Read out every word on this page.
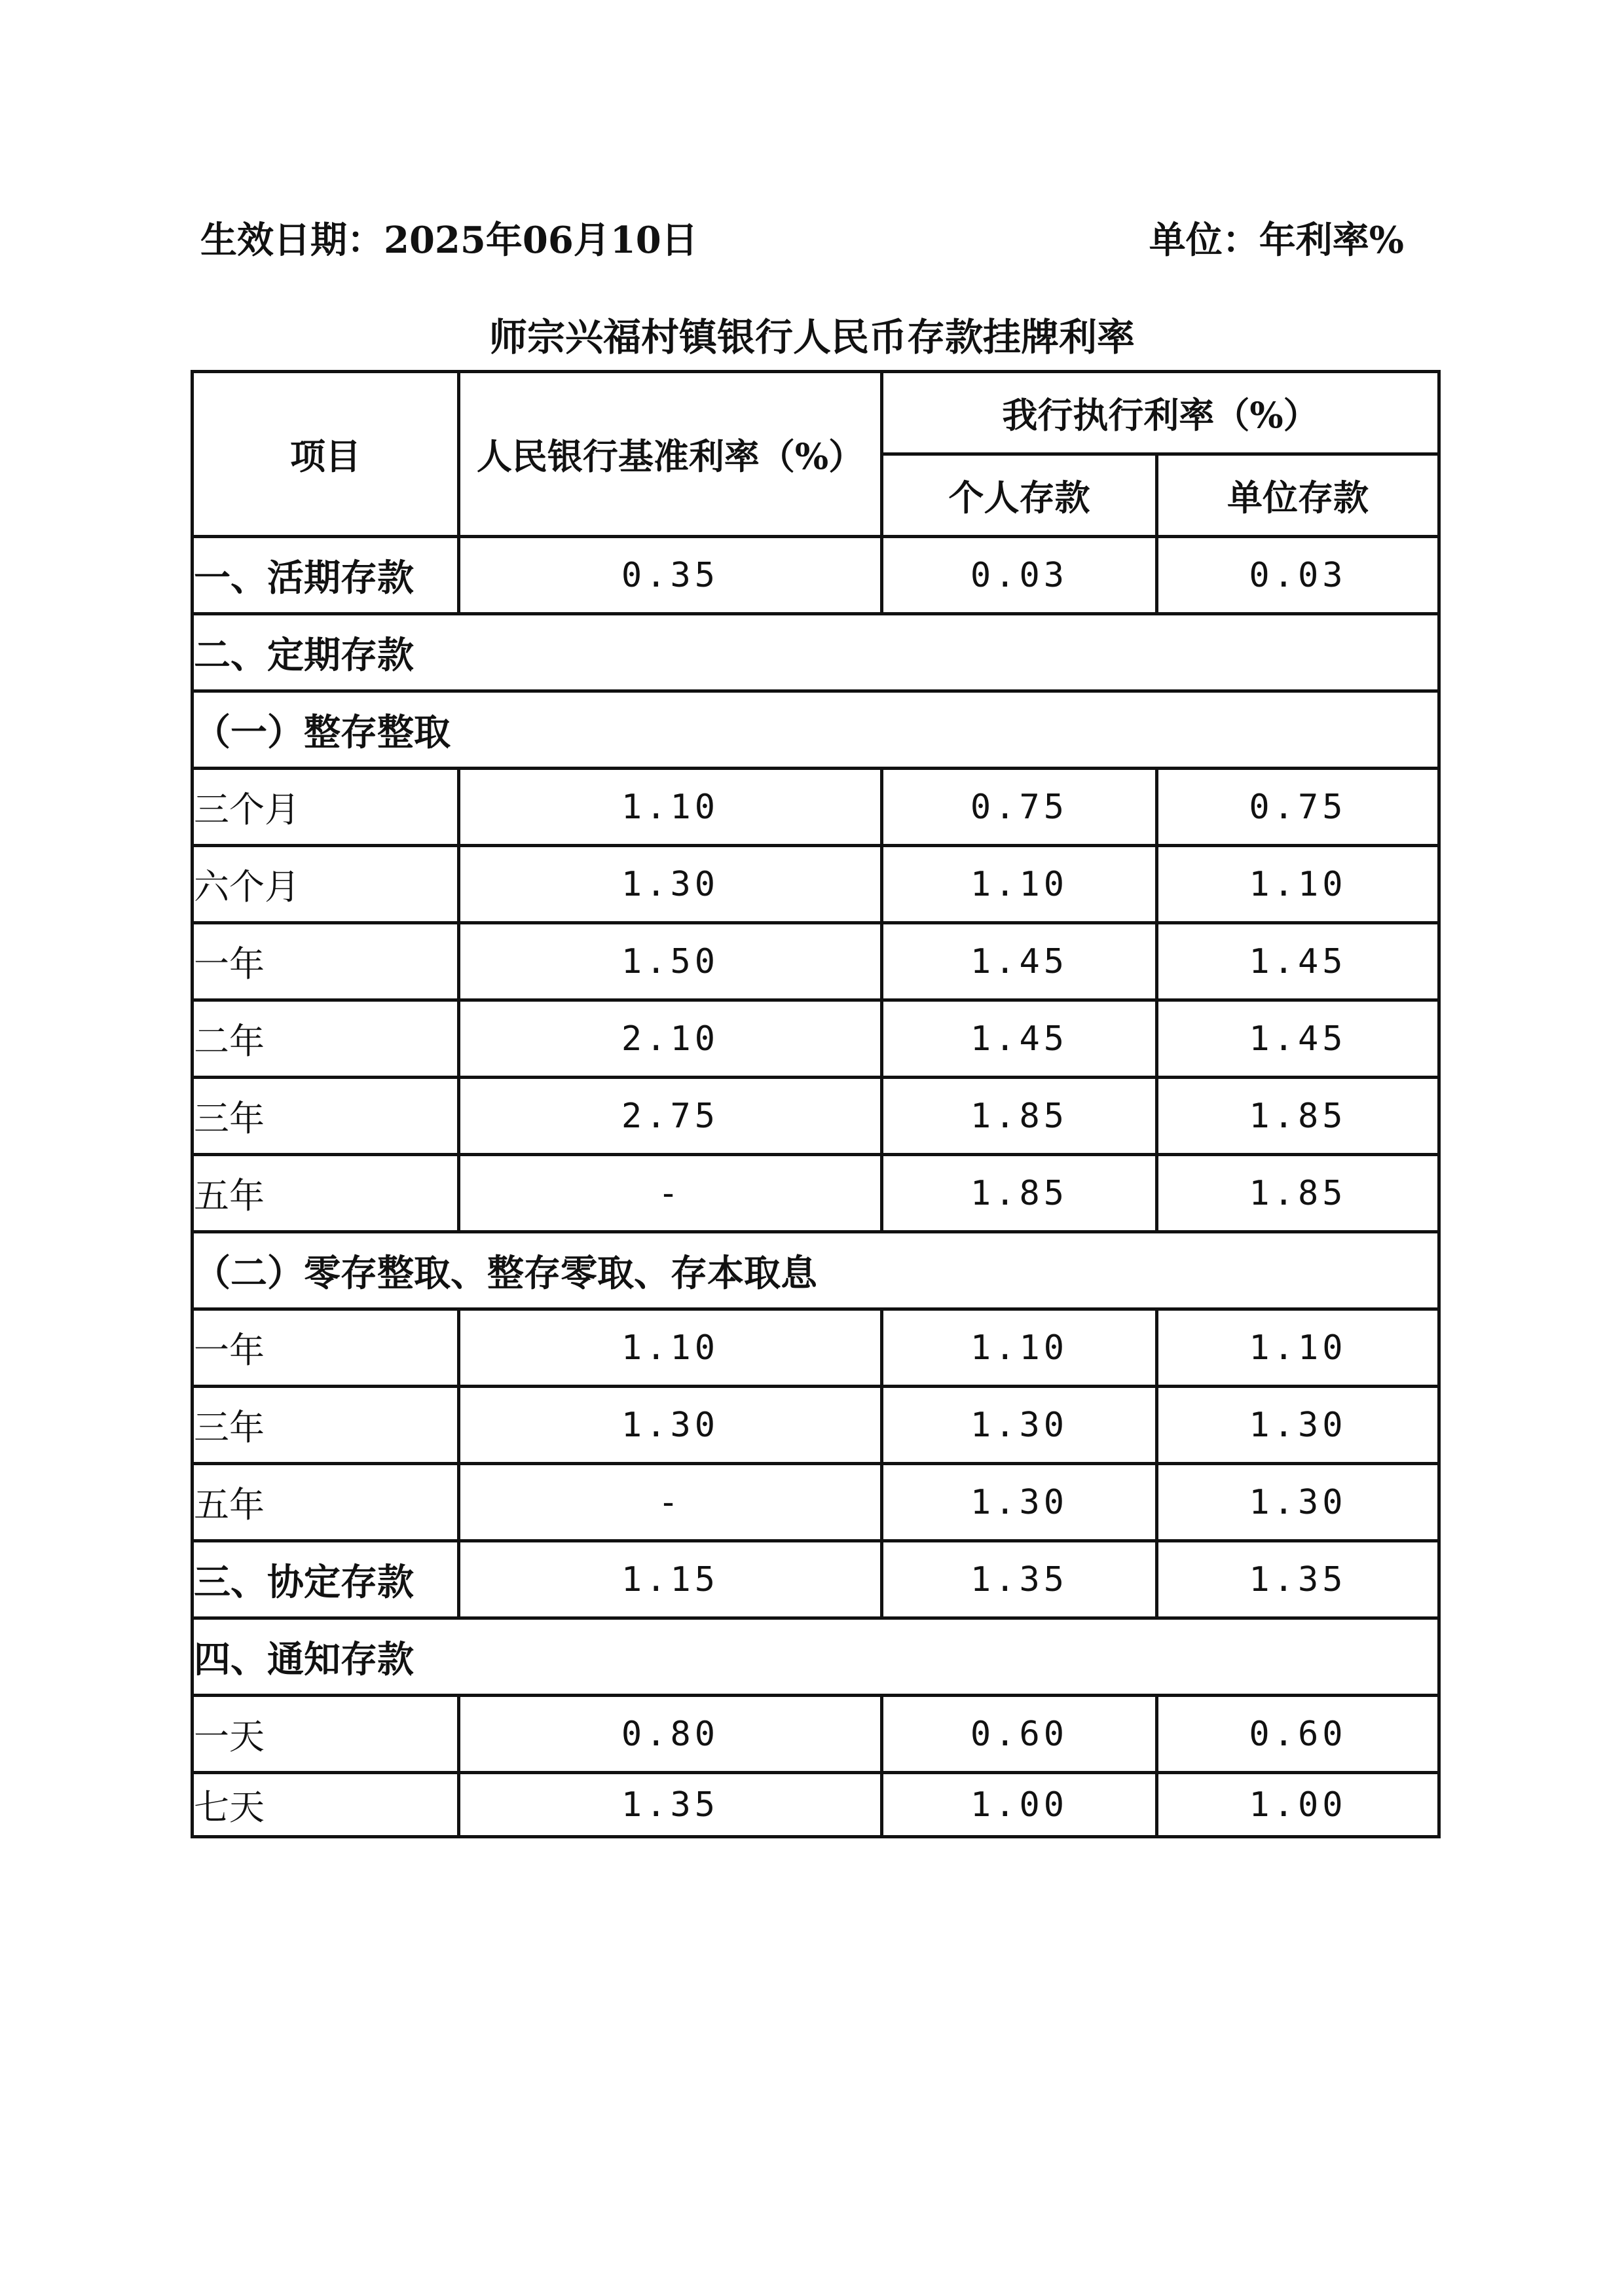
生效日期：2025年06月10日	单位：年利率%
师宗兴福村镇银行人民币存款挂牌利率
项目	人民银行基准利率（%）	我行执行利率（%）	
		个人存款	单位存款
一、活期存款	0.35	0.03	0.03
二、定期存款			
（一）整存整取			
三个月	1.10	0.75	0.75
六个月	1.30	1.10	1.10
一年	1.50	1.45	1.45
二年	2.10	1.45	1.45
三年	2.75	1.85	1.85
五年	-	1.85	1.85
（二）零存整取、整存零取、存本取息			
一年	1.10	1.10	1.10
三年	1.30	1.30	1.30
五年	-	1.30	1.30
三、协定存款	1.15	1.35	1.35
四、通知存款			
一天	0.80	0.60	0.60
七天	1.35	1.00	1.00
